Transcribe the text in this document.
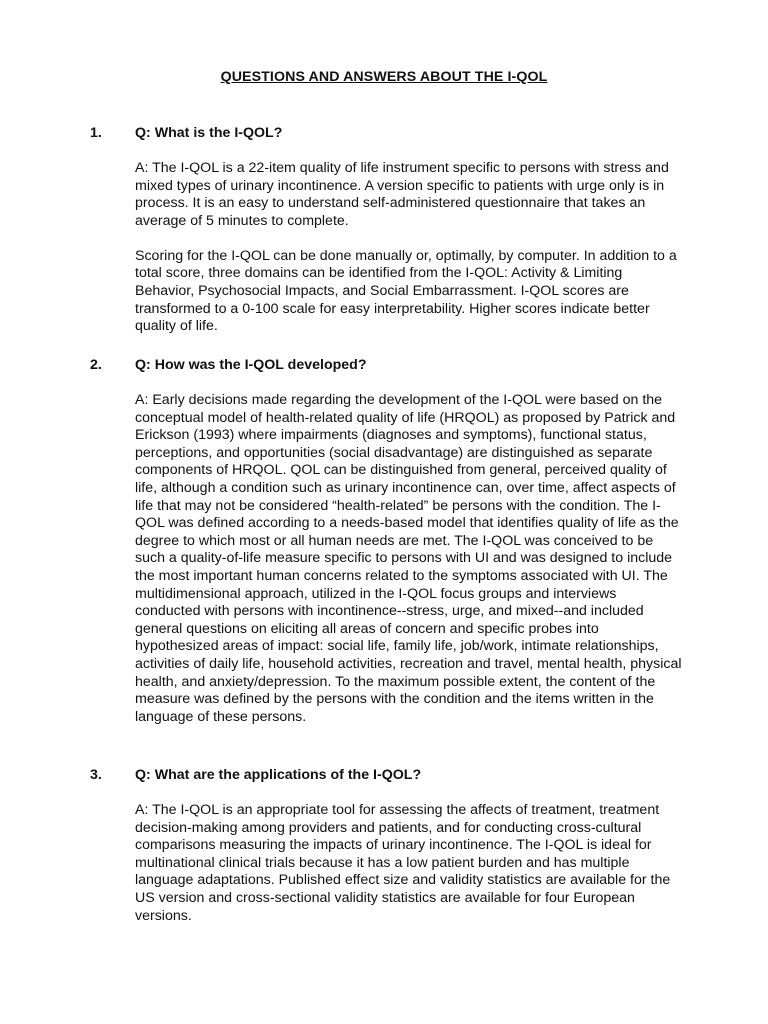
QUESTIONS AND ANSWERS ABOUT THE I-QOL
1. Q: What is the I-QOL?

A: The I-QOL is a 22-item quality of life instrument specific to persons with stress and mixed types of urinary incontinence. A version specific to patients with urge only is in process. It is an easy to understand self-administered questionnaire that takes an average of 5 minutes to complete.

Scoring for the I-QOL can be done manually or, optimally, by computer. In addition to a total score, three domains can be identified from the I-QOL: Activity & Limiting Behavior, Psychosocial Impacts, and Social Embarrassment. I-QOL scores are transformed to a 0-100 scale for easy interpretability. Higher scores indicate better quality of life.

2. Q: How was the I-QOL developed?

A: Early decisions made regarding the development of the I-QOL were based on the conceptual model of health-related quality of life (HRQOL) as proposed by Patrick and Erickson (1993) where impairments (diagnoses and symptoms), functional status, perceptions, and opportunities (social disadvantage) are distinguished as separate components of HRQOL. QOL can be distinguished from general, perceived quality of life, although a condition such as urinary incontinence can, over time, affect aspects of life that may not be considered “health-related” be persons with the condition. The I-QOL was defined according to a needs-based model that identifies quality of life as the degree to which most or all human needs are met. The I-QOL was conceived to be such a quality-of-life measure specific to persons with UI and was designed to include the most important human concerns related to the symptoms associated with UI. The multidimensional approach, utilized in the I-QOL focus groups and interviews conducted with persons with incontinence--stress, urge, and mixed--and included general questions on eliciting all areas of concern and specific probes into hypothesized areas of impact: social life, family life, job/work, intimate relationships, activities of daily life, household activities, recreation and travel, mental health, physical health, and anxiety/depression. To the maximum possible extent, the content of the measure was defined by the persons with the condition and the items written in the language of these persons.

3. Q: What are the applications of the I-QOL?

A: The I-QOL is an appropriate tool for assessing the affects of treatment, treatment decision-making among providers and patients, and for conducting cross-cultural comparisons measuring the impacts of urinary incontinence. The I-QOL is ideal for multinational clinical trials because it has a low patient burden and has multiple language adaptations. Published effect size and validity statistics are available for the US version and cross-sectional validity statistics are available for four European versions.
